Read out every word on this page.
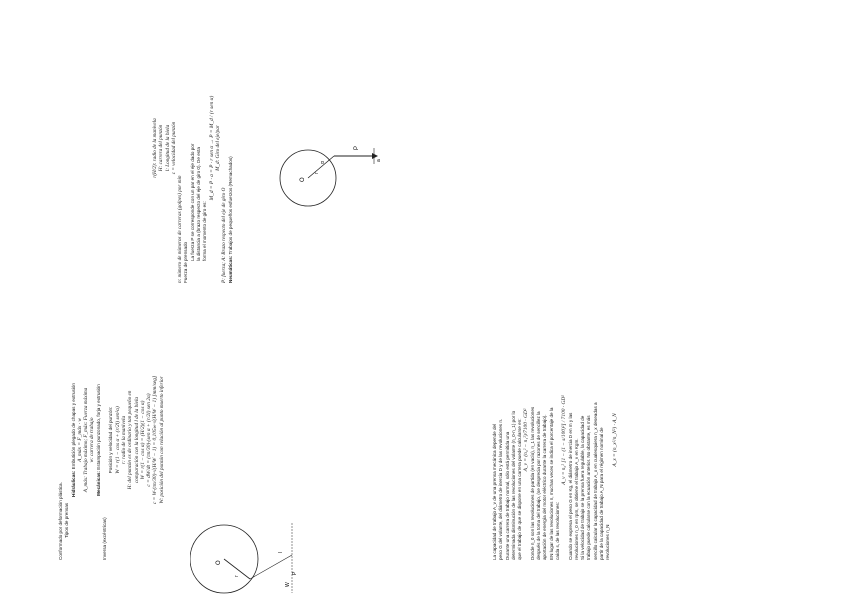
Conformado por deformación plástica. Tipos de prensas

Hidráulicas: Embutición plegado de chapas y extrusión A_máx = F_máx · w A_máx: Trabajo máximo; F_máx: Fuerza máxima w: carrera de trabajo

Mecánicas: Estampación punzonado, forja y extrusión

Inversa (excéntricas)

Posición y velocidad del punzón: W = r(1 − cos α + (r/2l) sen²α) r: radio de la manivela H: del punzón es de ordinario y tan pequeño en comparación con la longitud l de la biela W = r(1 − cos α) = (H/2)(1 − cos α) c = dW/dt = (πn/30)·(sen α + (r/2l) sen 2α) c = W·(πn/30)·√(H/W − 1) = 0,105w·√(H/W − 1) [mm/seg] W: posición del punzón con relación al punto muerto inferior	La capacidad de trabajo A_v de una prensa mecánica depende del peso G del volante, del diámetro de inercia D y de las revoluciones n. Durante una carrera de trabajo normal, sólo está permitida una determinada disminución de las revoluciones del volante (n_0-n_1) por lo que el trabajo de que se dispone en una carrera puede calcularse en: A_v = (n₀² − n₁²)/7100 · GD² Donde n_0 son las revoluciones de partida (en vacío), n_1 las revoluciones después de la toma del trabajo, (se desprecia por razones de sencillez la aportación de energía del motor eléctrico durante la carrera de trabajo). EN lugar de las revoluciones n, muchas veces se indica el porcentaje de la caída s, de las revoluciones:

A_v = n₀² [1 − (1 − s/100)²] / 7100 · GD² Cuando se expresa el peso G en Kg, el diámetro de inercia D en m y las revoluciones n_0 en rpm, se obtiene el trabajo A_v en Kgm. Si la velocidad de trabajo se la prensa fuera regulable, la capacidad de trabajo puede calcularse con la ecuación anterior. No obstante, es más sencillo calcular la capacidad de trabajo A_x en cualesquiera n_x deseadas a partir de la capacidad de trabajo A_N para el régimen nominal de revoluciones n_N

A_x = (n_x²/n_N²) · A_N

r(H/2): radio de la manivela H: carrera del punzón l: Longitud de la biela c = velocidad del punzón

n: número de números de carreras (golpes) por min Fuerza de prensado

La fuerza P se corresponde con un par en el eje dado por la distancia a (brazo respecto del eje de giro 0). De esta forma el momento de giro es:

M_d = P · a = P · r sen α → P = M_d / (r sen α) M_d: Giro del eje/par

P: fuerza; A: Brazo respecto del eje de giro O Neumáticas: Trabajos de pequeños esfuerzos (Remachados)

O
r
l
W
P
O
r
α
P
a
